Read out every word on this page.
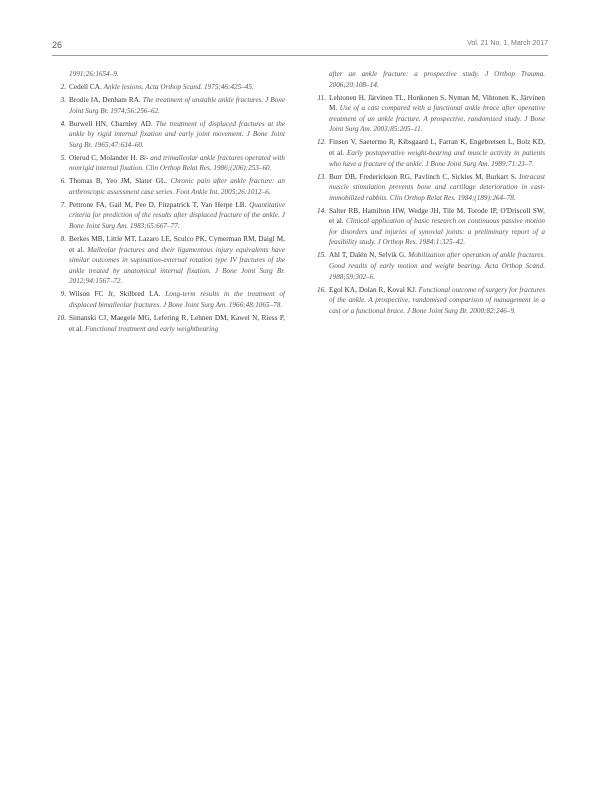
26	Vol. 21 No. 1, March 2017
1991;26:1654–9.
2. Cedell CA. Ankle lesions. Acta Orthop Scand. 1975;46:425–45.
3. Brodie IA, Denham RA. The treatment of unstable ankle fractures. J Bone Joint Surg Br. 1974;56:256–62.
4. Burwell HN, Charnley AD. The treatment of displaced fractures at the ankle by rigid internal fixation and early joint movement. J Bone Joint Surg Br. 1965;47:634–60.
5. Olerud C, Molander H. Bi- and trimalleolar ankle fractures operated with nonrigid internal fixation. Clin Orthop Relat Res. 1986;(206):253–60.
6. Thomas B, Yeo JM, Slater GL. Chronic pain after ankle fracture: an arthroscopic assessment case series. Foot Ankle Int. 2005;26:1012–6.
7. Pettrone FA, Gail M, Pee D, Fitzpatrick T, Van Herpe LB. Quantitative criteria for prediction of the results after displaced fracture of the ankle. J Bone Joint Surg Am. 1983;65:667–77.
8. Berkes MB, Little MT, Lazaro LE, Sculco PK, Cymerman RM, Daigl M, et al. Malleolar fractures and their ligamentous injury equivalents have similar outcomes in supination-external rotation type IV fractures of the ankle treated by anatomical internal fixation. J Bone Joint Surg Br. 2012;94:1567–72.
9. Wilson FC Jr, Skilbred LA. Long-term results in the treatment of displaced bimalleolar fractures. J Bone Joint Surg Am. 1966;48:1065–78.
10. Simanski CJ, Maegele MG, Lefering R, Lehnen DM, Kawel N, Riess P, et al. Functional treatment and early weightbearing
after an ankle fracture: a prospective study. J Orthop Trauma. 2006;20:108–14.
11. Lehtonen H, Järvinen TL, Honkonen S, Nyman M, Vihtonen K, Järvinen M. Use of a cast compared with a functional ankle brace after operative treatment of an ankle fracture. A prospective, randomized study. J Bone Joint Surg Am. 2003;85:205–11.
12. Finsen V, Saetermo R, Kibsgaard L, Farran K, Engebretsen L, Bolz KD, et al. Early postoperative weight-bearing and muscle activity in patients who have a fracture of the ankle. J Bone Joint Surg Am. 1989;71:23–7.
13. Burr DB, Frederickson RG, Pavlinch C, Sickles M, Burkart S. Intracast muscle stimulation prevents bone and cartilage deterioration in cast-immobilized rabbits. Clin Orthop Relat Res. 1984;(189):264–78.
14. Salter RB, Hamilton HW, Wedge JH, Tile M, Torode IP, O'Driscoll SW, et al. Clinical application of basic research on continuous passive motion for disorders and injuries of synovial joints: a preliminary report of a feasibility study. J Orthop Res. 1984;1:325–42.
15. Ahl T, Dalén N, Selvik G. Mobilization after operation of ankle fractures. Good results of early motion and weight bearing. Acta Orthop Scand. 1988;59:302–6.
16. Egol KA, Dolan R, Koval KJ. Functional outcome of surgery for fractures of the ankle. A prospective, randomised comparison of management in a cast or a functional brace. J Bone Joint Surg Br. 2000;82:246–9.
